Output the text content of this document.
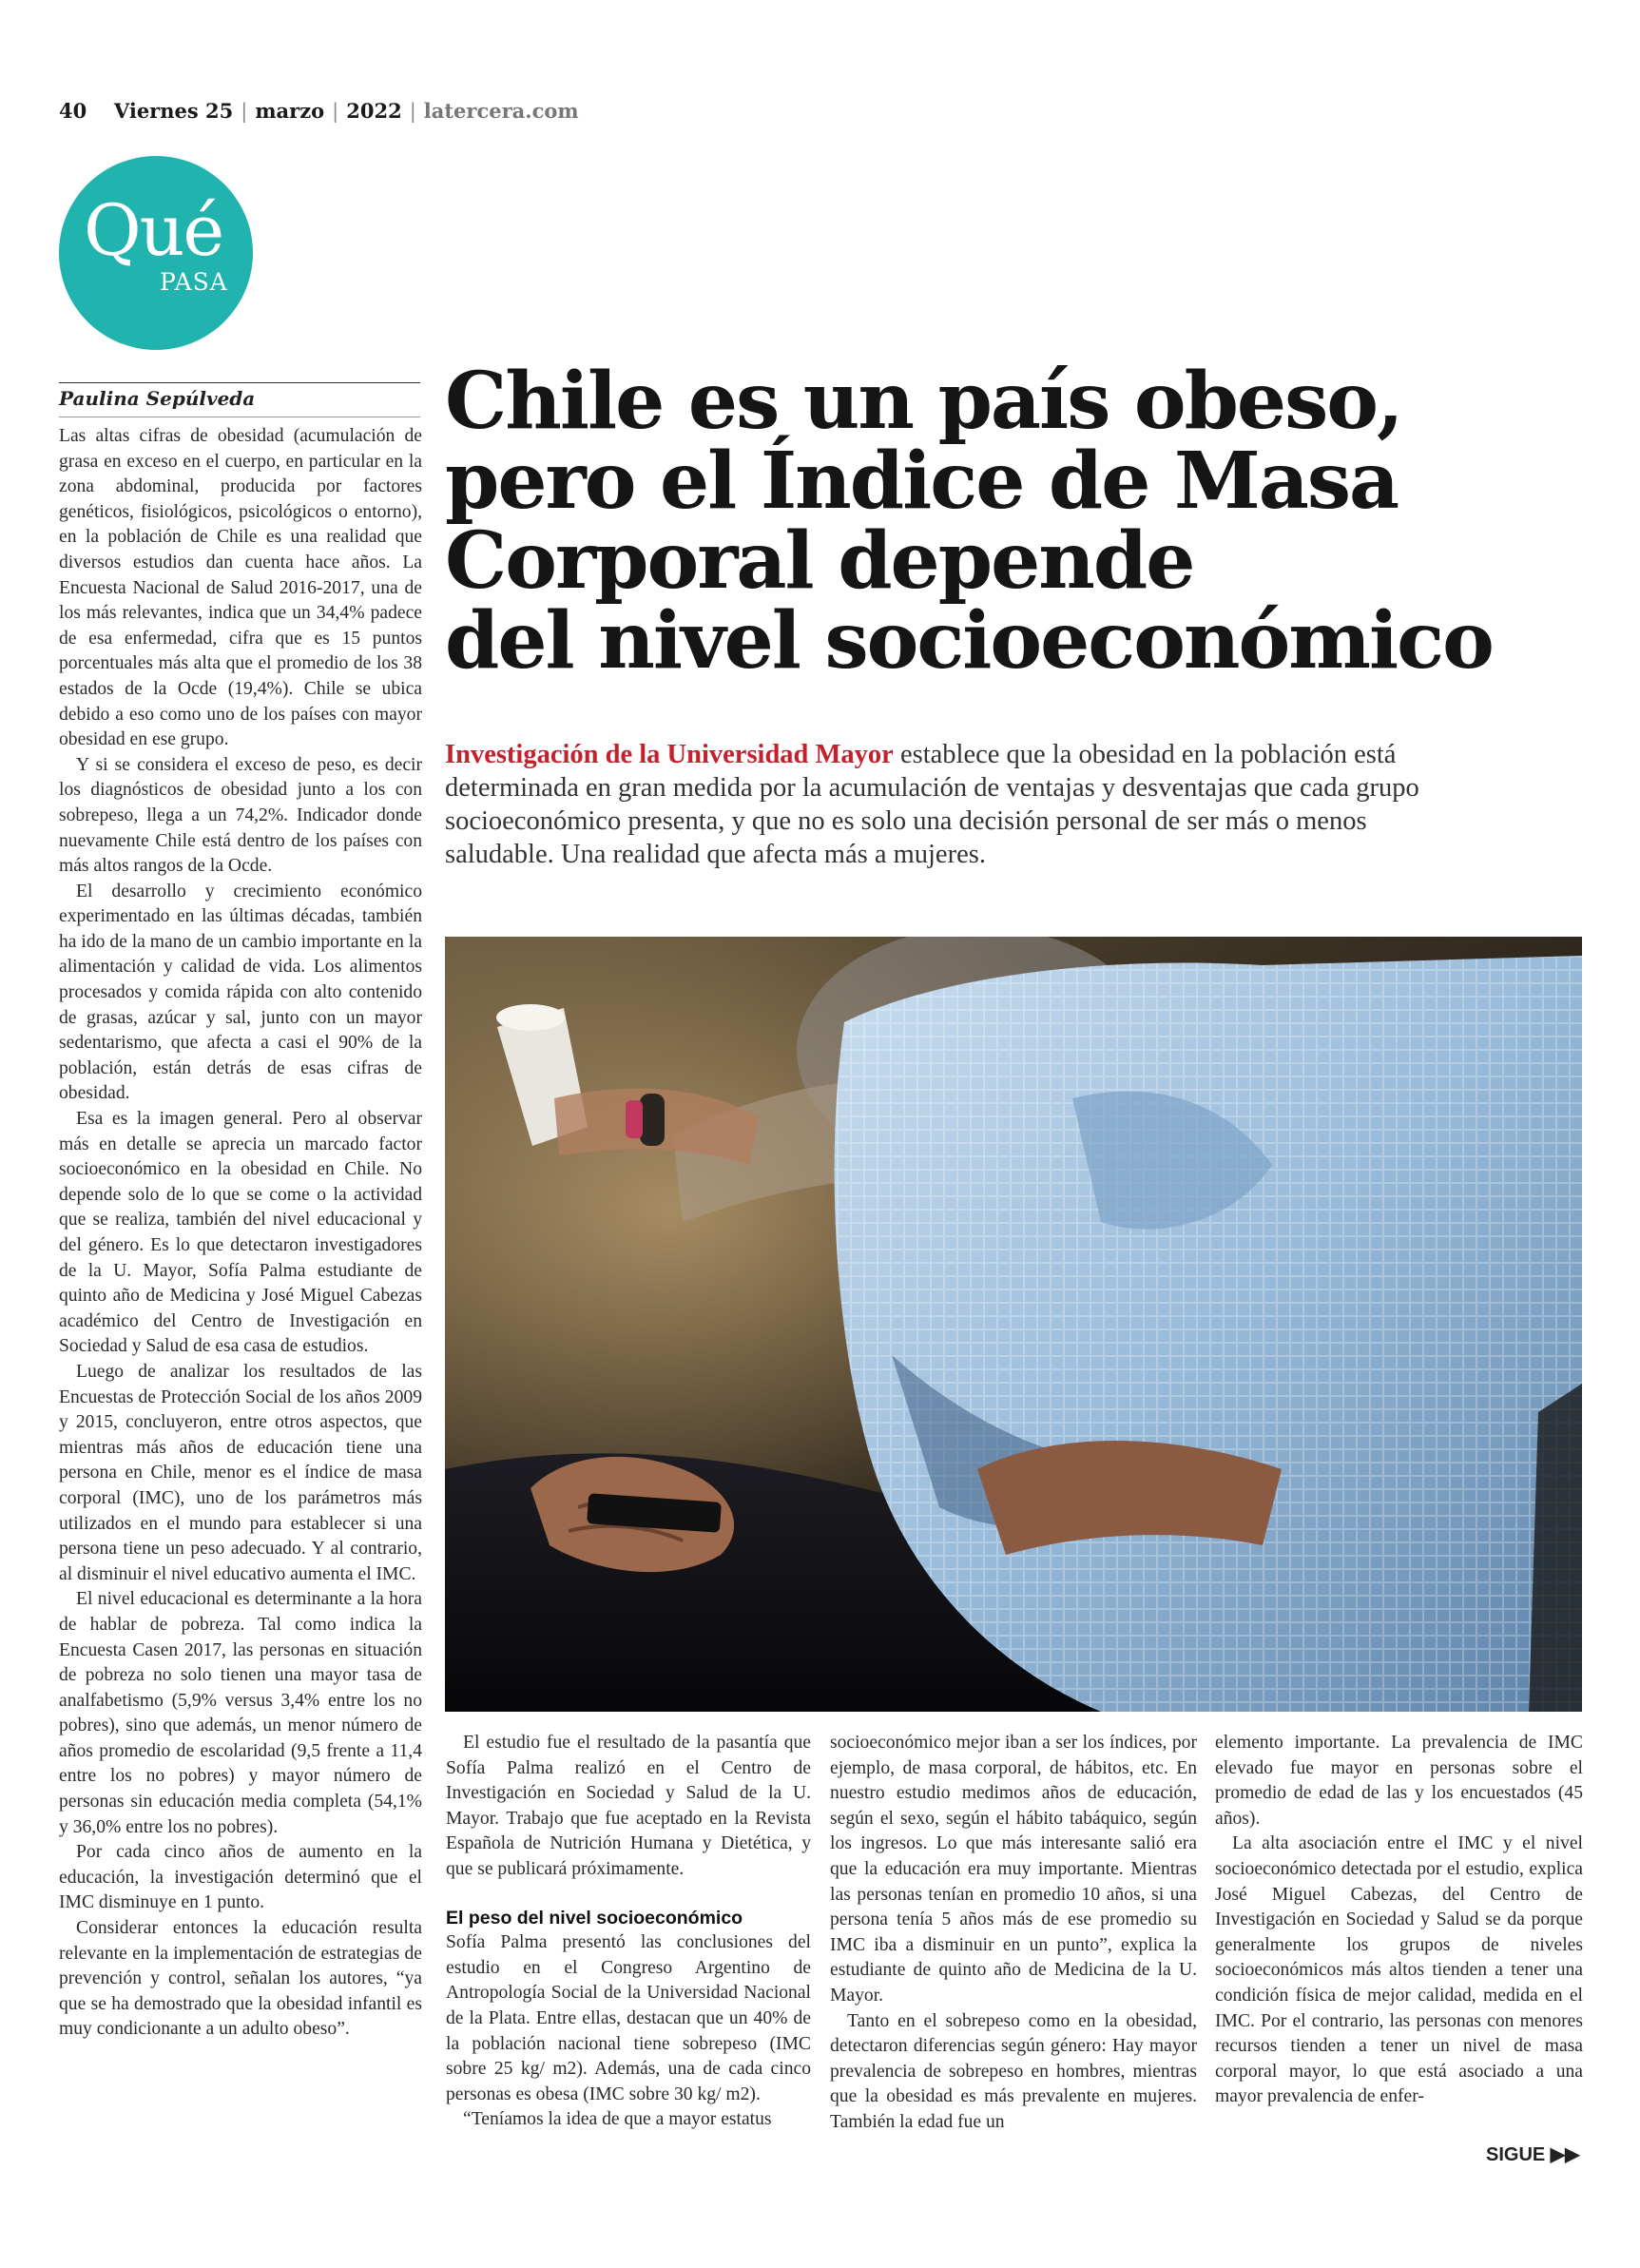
40 Viernes 25 | marzo | 2022 | latercera.com
Qué
PASA
Paulina Sepúlveda Chile es un país obeso,
pero el Índice de Masa
Corporal depende
del nivel socioeconómico
Investigación de la Universidad Mayor establece que la obesidad en la población está determinada en gran medida por la acumulación de ventajas y desventajas que cada grupo socioeconómico presenta, y que no es solo una decisión personal de ser más o menos saludable. Una realidad que afecta más a mujeres.

Las altas cifras de obesidad (acumulación de grasa en exceso en el cuerpo, en particular en la zona abdominal, producida por factores genéticos, fisiológicos, psicológicos o entorno), en la población de Chile es una realidad que diversos estudios dan cuenta hace años. La Encuesta Nacional de Salud 2016-2017, una de los más relevantes, indica que un 34,4% padece de esa enfermedad, cifra que es 15 puntos porcentuales más alta que el promedio de los 38 estados de la Ocde (19,4%). Chile se ubica debido a eso como uno de los países con mayor obesidad en ese grupo.

Y si se considera el exceso de peso, es decir los diagnósticos de obesidad junto a los con sobrepeso, llega a un 74,2%. Indicador donde nuevamente Chile está dentro de los países con más altos rangos de la Ocde.

El desarrollo y crecimiento económico experimentado en las últimas décadas, también ha ido de la mano de un cambio importante en la alimentación y calidad de vida. Los alimentos procesados y comida rápida con alto contenido de grasas, azúcar y sal, junto con un mayor sedentarismo, que afecta a casi el 90% de la población, están detrás de esas cifras de obesidad.

Esa es la imagen general. Pero al observar más en detalle se aprecia un marcado factor socioeconómico en la obesidad en Chile. No depende solo de lo que se come o la actividad que se realiza, también del nivel educacional y del género. Es lo que detectaron investigadores de la U. Mayor, Sofía Palma estudiante de quinto año de Medicina y José Miguel Cabezas académico del Centro de Investigación en Sociedad y Salud de esa casa de estudios.

Luego de analizar los resultados de las Encuestas de Protección Social de los años 2009 y 2015, concluyeron, entre otros aspectos, que mientras más años de educación tiene una persona en Chile, menor es el índice de masa corporal (IMC), uno de los parámetros más utilizados en el mundo para establecer si una persona tiene un peso adecuado. Y al contrario, al disminuir el nivel educativo aumenta el IMC.

El nivel educacional es determinante a la hora de hablar de pobreza. Tal como indica la Encuesta Casen 2017, las personas en situación de pobreza no solo tienen una mayor tasa de analfabetismo (5,9% versus 3,4% entre los no pobres), sino que además, un menor número de años promedio de escolaridad (9,5 frente a 11,4 entre los no pobres) y mayor número de personas sin educación media completa (54,1% y 36,0% entre los no pobres).

Por cada cinco años de aumento en la educación, la investigación determinó que el IMC disminuye en 1 punto.

Considerar entonces la educación resulta relevante en la implementación de estrategias de prevención y control, señalan los autores, “ya que se ha demostrado que la obesidad infantil es muy condicionante a un adulto obeso”.

El estudio fue el resultado de la pasantía que Sofía Palma realizó en el Centro de Investigación en Sociedad y Salud de la U. Mayor. Trabajo que fue aceptado en la Revista Española de Nutrición Humana y Dietética, y que se publicará próximamente.

El peso del nivel socioeconómico

Sofía Palma presentó las conclusiones del estudio en el Congreso Argentino de Antropología Social de la Universidad Nacional de la Plata. Entre ellas, destacan que un 40% de la población nacional tiene sobrepeso (IMC sobre 25 kg/ m2). Además, una de cada cinco personas es obesa (IMC sobre 30 kg/ m2).

“Teníamos la idea de que a mayor estatus

socioeconómico mejor iban a ser los índices, por ejemplo, de masa corporal, de hábitos, etc. En nuestro estudio medimos años de educación, según el sexo, según el hábito tabáquico, según los ingresos. Lo que más interesante salió era que la educación era muy importante. Mientras las personas tenían en promedio 10 años, si una persona tenía 5 años más de ese promedio su IMC iba a disminuir en un punto”, explica la estudiante de quinto año de Medicina de la U. Mayor.

Tanto en el sobrepeso como en la obesidad, detectaron diferencias según género: Hay mayor prevalencia de sobrepeso en hombres, mientras que la obesidad es más prevalente en mujeres. También la edad fue un

elemento importante. La prevalencia de IMC elevado fue mayor en personas sobre el promedio de edad de las y los encuestados (45 años).

La alta asociación entre el IMC y el nivel socioeconómico detectada por el estudio, explica José Miguel Cabezas, del Centro de Investigación en Sociedad y Salud se da porque generalmente los grupos de niveles socioeconómicos más altos tienden a tener una condición física de mejor calidad, medida en el IMC. Por el contrario, las personas con menores recursos tienden a tener un nivel de masa corporal mayor, lo que está asociado a una mayor prevalencia de enfer-

SIGUE ▶▶
